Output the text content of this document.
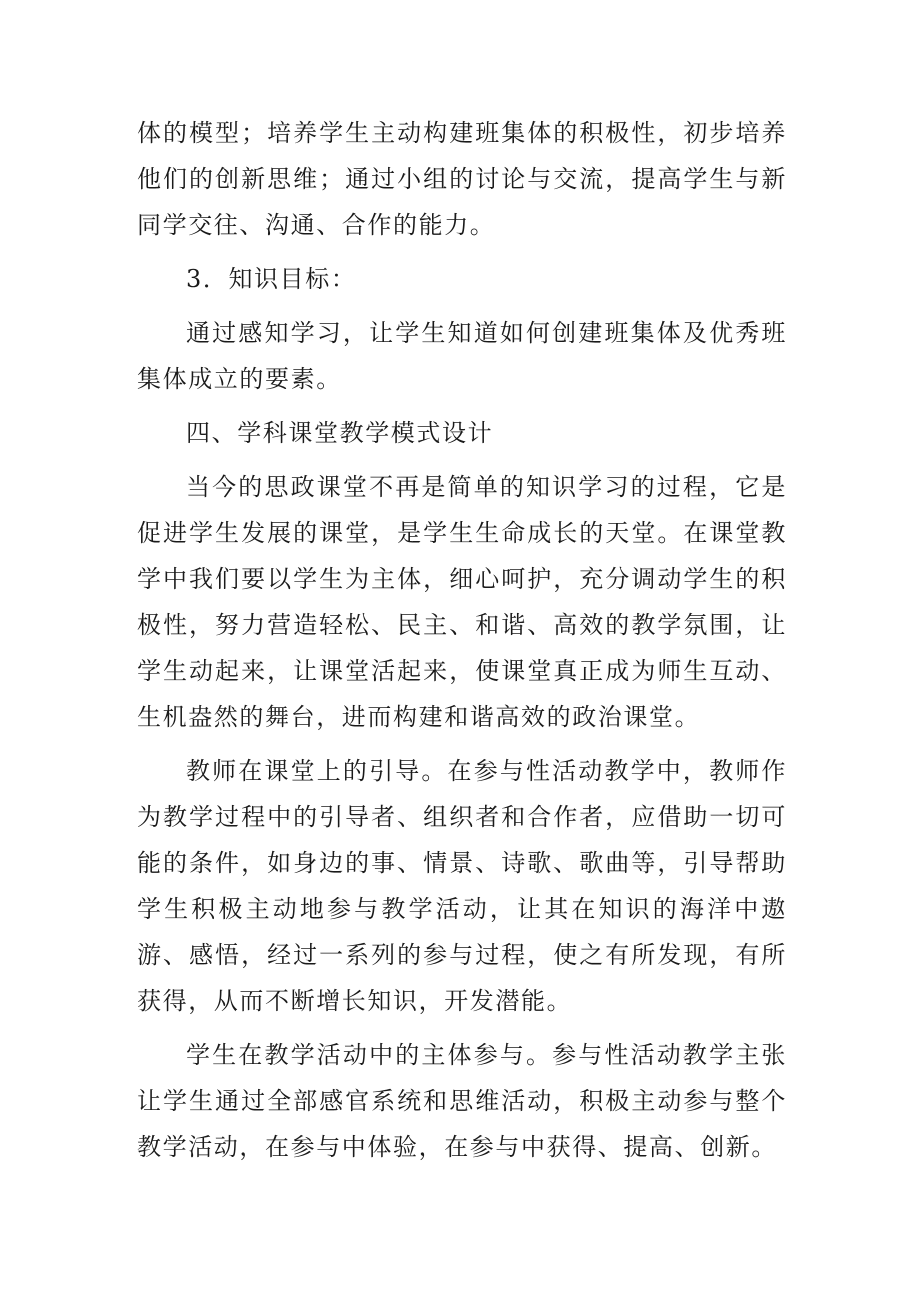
体的模型；培养学生主动构建班集体的积极性，初步培养他们的创新思维；通过小组的讨论与交流，提高学生与新同学交往、沟通、合作的能力。

3．知识目标：

通过感知学习，让学生知道如何创建班集体及优秀班集体成立的要素。

四、学科课堂教学模式设计

当今的思政课堂不再是简单的知识学习的过程，它是促进学生发展的课堂，是学生生命成长的天堂。在课堂教学中我们要以学生为主体，细心呵护，充分调动学生的积极性，努力营造轻松、民主、和谐、高效的教学氛围，让学生动起来，让课堂活起来，使课堂真正成为师生互动、生机盎然的舞台，进而构建和谐高效的政治课堂。

教师在课堂上的引导。在参与性活动教学中，教师作为教学过程中的引导者、组织者和合作者，应借助一切可能的条件，如身边的事、情景、诗歌、歌曲等，引导帮助学生积极主动地参与教学活动，让其在知识的海洋中遨游、感悟，经过一系列的参与过程，使之有所发现，有所获得，从而不断增长知识，开发潜能。

学生在教学活动中的主体参与。参与性活动教学主张让学生通过全部感官系统和思维活动，积极主动参与整个教学活动，在参与中体验，在参与中获得、提高、创新。
